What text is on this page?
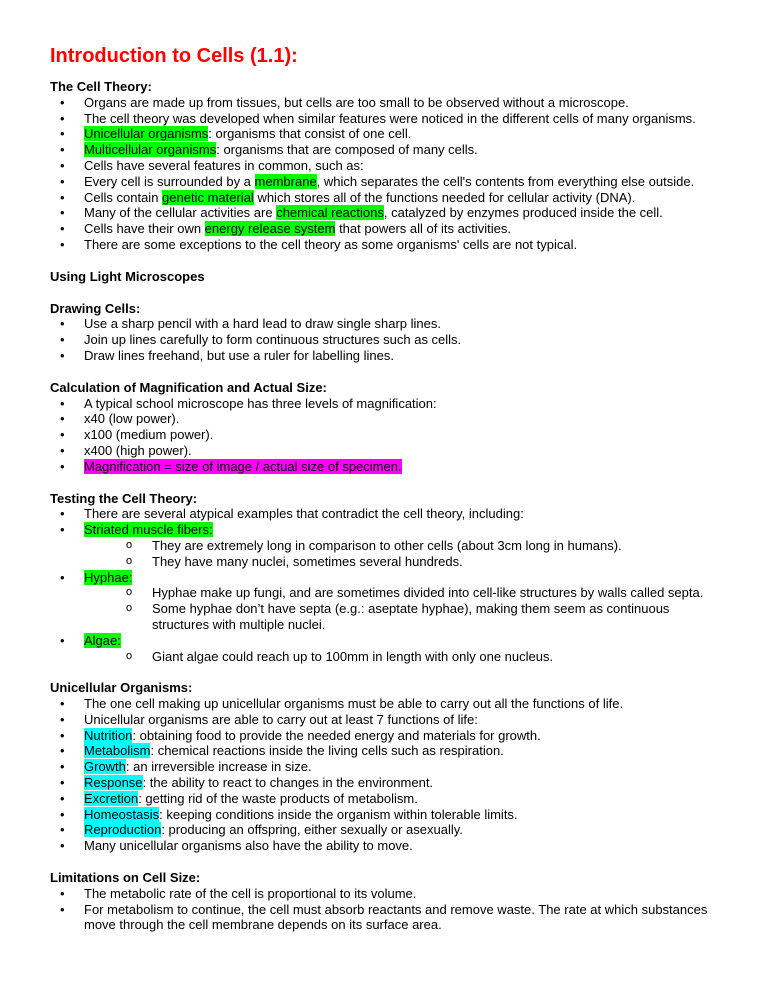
Introduction to Cells (1.1):

The Cell Theory:

• Organs are made up from tissues, but cells are too small to be observed without a microscope.
• The cell theory was developed when similar features were noticed in the different cells of many organisms.
• Unicellular organisms: organisms that consist of one cell.
• Multicellular organisms: organisms that are composed of many cells.
• Cells have several features in common, such as:
• Every cell is surrounded by a membrane, which separates the cell's contents from everything else outside.
• Cells contain genetic material which stores all of the functions needed for cellular activity (DNA).
• Many of the cellular activities are chemical reactions, catalyzed by enzymes produced inside the cell.
• Cells have their own energy release system that powers all of its activities.
• There are some exceptions to the cell theory as some organisms' cells are not typical.

Using Light Microscopes

Drawing Cells:

• Use a sharp pencil with a hard lead to draw single sharp lines.
• Join up lines carefully to form continuous structures such as cells.
• Draw lines freehand, but use a ruler for labelling lines.

Calculation of Magnification and Actual Size:

• A typical school microscope has three levels of magnification:
• x40 (low power).
• x100 (medium power).
• x400 (high power).
• Magnification = size of image / actual size of specimen.

Testing the Cell Theory:

• There are several atypical examples that contradict the cell theory, including:
• Striated muscle fibers:
o They are extremely long in comparison to other cells (about 3cm long in humans).
o They have many nuclei, sometimes several hundreds.
• Hyphae:
o Hyphae make up fungi, and are sometimes divided into cell-like structures by walls called septa.
o Some hyphae don’t have septa (e.g.: aseptate hyphae), making them seem as continuous structures with multiple nuclei.
• Algae:
o Giant algae could reach up to 100mm in length with only one nucleus.

Unicellular Organisms:

• The one cell making up unicellular organisms must be able to carry out all the functions of life.
• Unicellular organisms are able to carry out at least 7 functions of life:
• Nutrition: obtaining food to provide the needed energy and materials for growth.
• Metabolism: chemical reactions inside the living cells such as respiration.
• Growth: an irreversible increase in size.
• Response: the ability to react to changes in the environment.
• Excretion: getting rid of the waste products of metabolism.
• Homeostasis: keeping conditions inside the organism within tolerable limits.
• Reproduction: producing an offspring, either sexually or asexually.
• Many unicellular organisms also have the ability to move.

Limitations on Cell Size:

• The metabolic rate of the cell is proportional to its volume.
• For metabolism to continue, the cell must absorb reactants and remove waste. The rate at which substances move through the cell membrane depends on its surface area.
